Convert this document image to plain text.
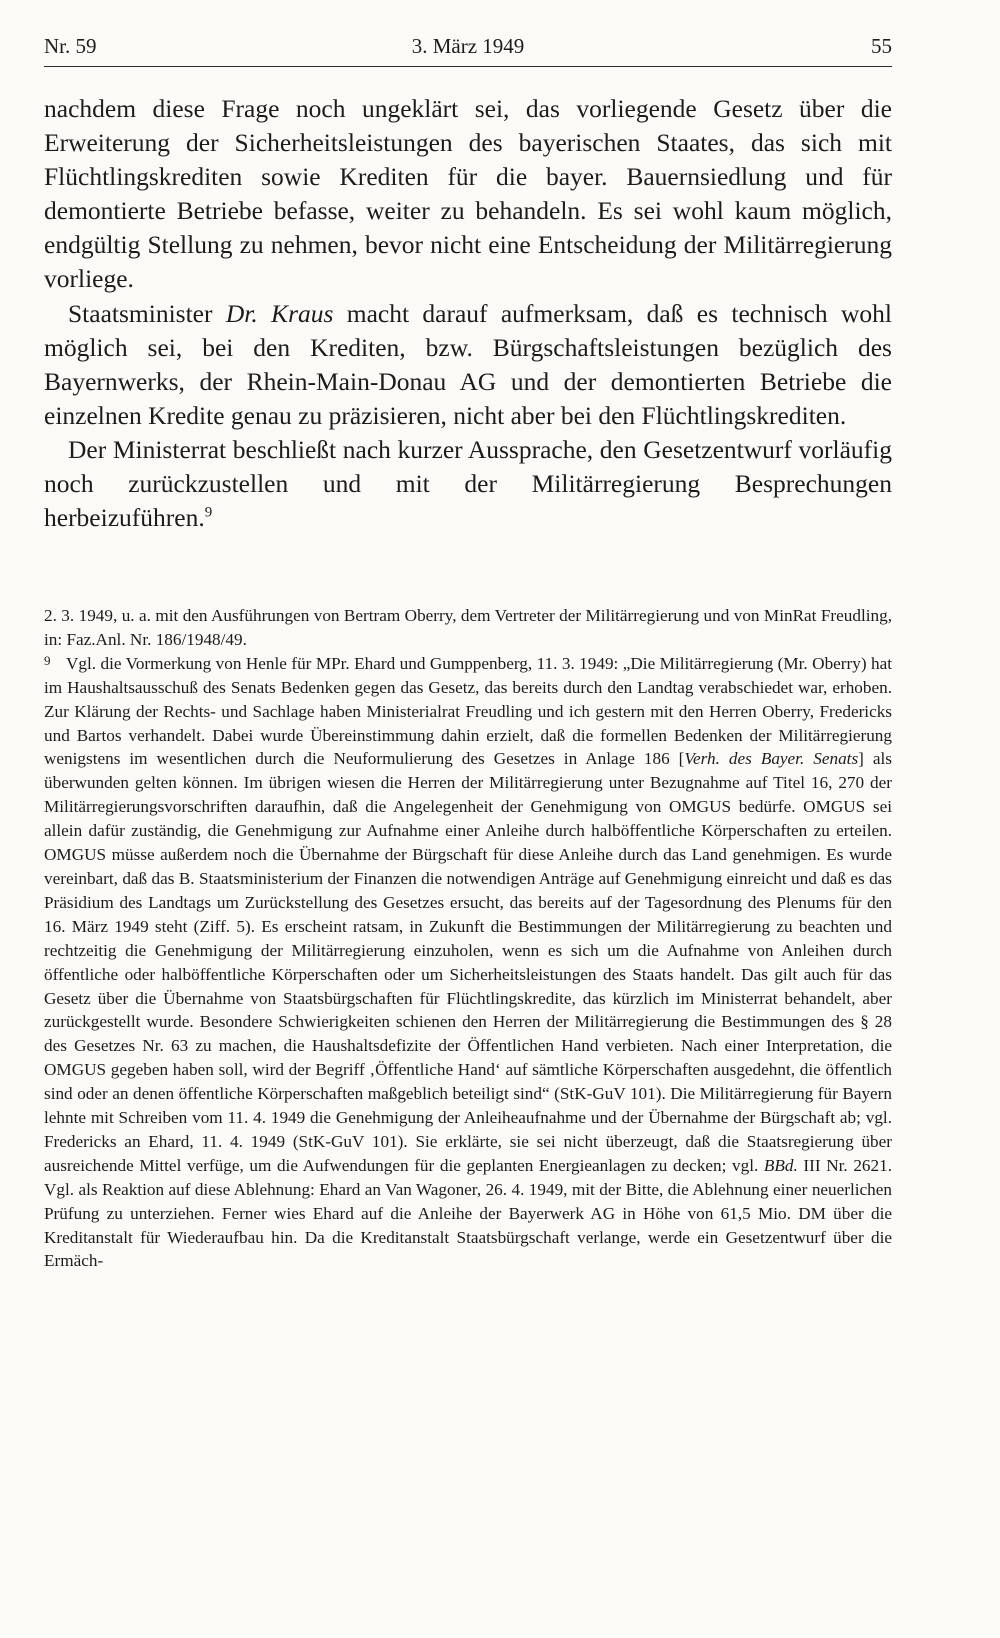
Nr. 59	3. März 1949	55

nachdem diese Frage noch ungeklärt sei, das vorliegende Gesetz über die Erweiterung der Sicherheitsleistungen des bayerischen Staates, das sich mit Flüchtlingskrediten sowie Krediten für die bayer. Bauernsiedlung und für demontierte Betriebe befasse, weiter zu behandeln. Es sei wohl kaum möglich, endgültig Stellung zu nehmen, bevor nicht eine Entscheidung der Militärregierung vorliege.

Staatsminister Dr. Kraus macht darauf aufmerksam, daß es technisch wohl möglich sei, bei den Krediten, bzw. Bürgschaftsleistungen bezüglich des Bayernwerks, der Rhein-Main-Donau AG und der demontierten Betriebe die einzelnen Kredite genau zu präzisieren, nicht aber bei den Flüchtlingskrediten.

Der Ministerrat beschließt nach kurzer Aussprache, den Gesetzentwurf vorläufig noch zurückzustellen und mit der Militärregierung Besprechungen herbeizuführen.$^9$

2. 3. 1949, u. a. mit den Ausführungen von Bertram Oberry, dem Vertreter der Militärregierung und von MinRat Freudling, in: Faz.Anl. Nr. 186/1948/49.

9 Vgl. die Vormerkung von Henle für MPr. Ehard und Gumppenberg, 11. 3. 1949: „Die Militärregierung (Mr. Oberry) hat im Haushaltsausschuß des Senats Bedenken gegen das Gesetz, das bereits durch den Landtag verabschiedet war, erhoben. Zur Klärung der Rechts- und Sachlage haben Ministerialrat Freudling und ich gestern mit den Herren Oberry, Fredericks und Bartos verhandelt. Dabei wurde Übereinstimmung dahin erzielt, daß die formellen Bedenken der Militärregierung wenigstens im wesentlichen durch die Neuformulierung des Gesetzes in Anlage 186 [Verh. des Bayer. Senats] als überwunden gelten können. Im übrigen wiesen die Herren der Militärregierung unter Bezugnahme auf Titel 16, 270 der Militärregierungsvorschriften daraufhin, daß die Angelegenheit der Genehmigung von OMGUS bedürfe. OMGUS sei allein dafür zuständig, die Genehmigung zur Aufnahme einer Anleihe durch halböffentliche Körperschaften zu erteilen. OMGUS müsse außerdem noch die Übernahme der Bürgschaft für diese Anleihe durch das Land genehmigen. Es wurde vereinbart, daß das B. Staatsministerium der Finanzen die notwendigen Anträge auf Genehmigung einreicht und daß es das Präsidium des Landtags um Zurückstellung des Gesetzes ersucht, das bereits auf der Tagesordnung des Plenums für den 16. März 1949 steht (Ziff. 5). Es erscheint ratsam, in Zukunft die Bestimmungen der Militärregierung zu beachten und rechtzeitig die Genehmigung der Militärregierung einzuholen, wenn es sich um die Aufnahme von Anleihen durch öffentliche oder halböffentliche Körperschaften oder um Sicherheitsleistungen des Staats handelt. Das gilt auch für das Gesetz über die Übernahme von Staatsbürgschaften für Flüchtlingskredite, das kürzlich im Ministerrat behandelt, aber zurückgestellt wurde. Besondere Schwierigkeiten schienen den Herren der Militärregierung die Bestimmungen des § 28 des Gesetzes Nr. 63 zu machen, die Haushaltsdefizite der Öffentlichen Hand verbieten. Nach einer Interpretation, die OMGUS gegeben haben soll, wird der Begriff ‚Öffentliche Hand‘ auf sämtliche Körperschaften ausgedehnt, die öffentlich sind oder an denen öffentliche Körperschaften maßgeblich beteiligt sind“ (StK-GuV 101). Die Militärregierung für Bayern lehnte mit Schreiben vom 11. 4. 1949 die Genehmigung der Anleiheaufnahme und der Übernahme der Bürgschaft ab; vgl. Fredericks an Ehard, 11. 4. 1949 (StK-GuV 101). Sie erklärte, sie sei nicht überzeugt, daß die Staatsregierung über ausreichende Mittel verfüge, um die Aufwendungen für die geplanten Energieanlagen zu decken; vgl. BBd. III Nr. 2621. Vgl. als Reaktion auf diese Ablehnung: Ehard an Van Wagoner, 26. 4. 1949, mit der Bitte, die Ablehnung einer neuerlichen Prüfung zu unterziehen. Ferner wies Ehard auf die Anleihe der Bayerwerk AG in Höhe von 61,5 Mio. DM über die Kreditanstalt für Wiederaufbau hin. Da die Kreditanstalt Staatsbürgschaft verlange, werde ein Gesetzentwurf über die Ermäch-
